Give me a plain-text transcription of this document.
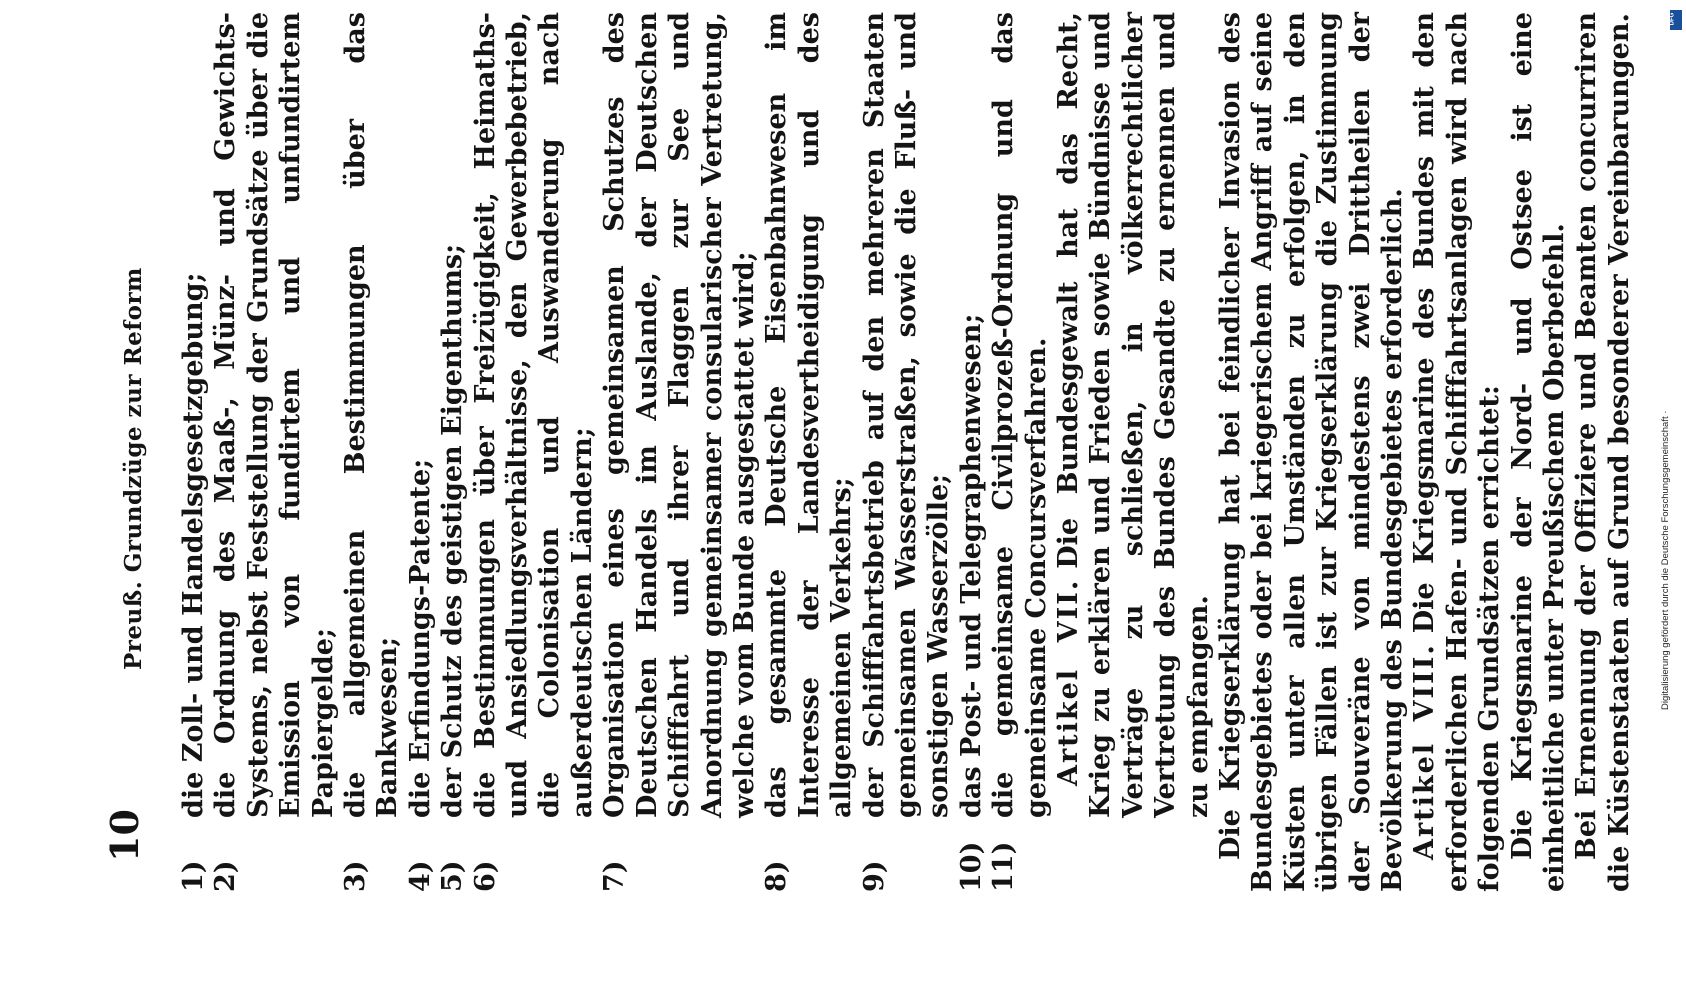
10
Preuß. Grundzüge zur Reform
1)
die Zoll- und Handelsgesetzgebung;
2)
die Ordnung des Maaß-, Münz- und Gewichts-Systems, nebst Feststellung der Grundsätze über die Emission von fundirtem und unfundirtem Papiergelde;
3)
die allgemeinen Bestimmungen über das Bankwesen;
4)
die Erfindungs-Patente;
5)
der Schutz des geistigen Eigenthums;
6)
die Bestimmungen über Freizügigkeit, Heimaths- und Ansiedlungsverhältnisse, den Gewerbebetrieb, die Colonisation und Auswanderung nach außerdeutschen Ländern;
7)
Organisation eines gemeinsamen Schutzes des Deutschen Handels im Auslande, der Deutschen Schifffahrt und ihrer Flaggen zur See und Anordnung gemeinsamer consularischer Vertretung, welche vom Bunde ausgestattet wird;
8)
das gesammte Deutsche Eisenbahnwesen im Interesse der Landesvertheidigung und des allgemeinen Verkehrs;
9)
der Schifffahrtsbetrieb auf den mehreren Staaten gemeinsamen Wasserstraßen, sowie die Fluß- und sonstigen Wasserzölle;
10)
das Post- und Telegraphenwesen;
11)
die gemeinsame Civilprozeß-Ordnung und das gemeinsame Concursverfahren. Artikel VII.Die Bundesgewalt hat das Recht, Krieg zu erklären und Frieden sowie Bündnisse und Verträge zu schließen, in völkerrechtlicher Vertretung des Bundes Gesandte zu ernennen und zu empfangen. Die Kriegserklärung hat bei feindlicher Invasion des Bundesgebietes oder bei kriegerischem Angriff auf seine Küsten unter allen Umständen zu erfolgen, in den übrigen Fällen ist zur Kriegserklärung die Zustimmung der Souveräne von mindestens zwei Drittheilen der Bevölkerung des Bundesgebietes erforderlich. Artikel VIII.Die Kriegsmarine des Bundes mit den erforderlichen Hafen- und Schifffahrtsanlagen wird nach folgenden Grundsätzen errichtet: Die Kriegsmarine der Nord- und Ostsee ist eine einheitliche unter Preußischem Oberbefehl. Bei Ernennung der Offiziere und Beamten concurriren die Küstenstaaten auf Grund besonderer Vereinbarungen.	Digitalisierung gefördert durch die Deutsche Forschungsgemeinschaft ·
DFG
